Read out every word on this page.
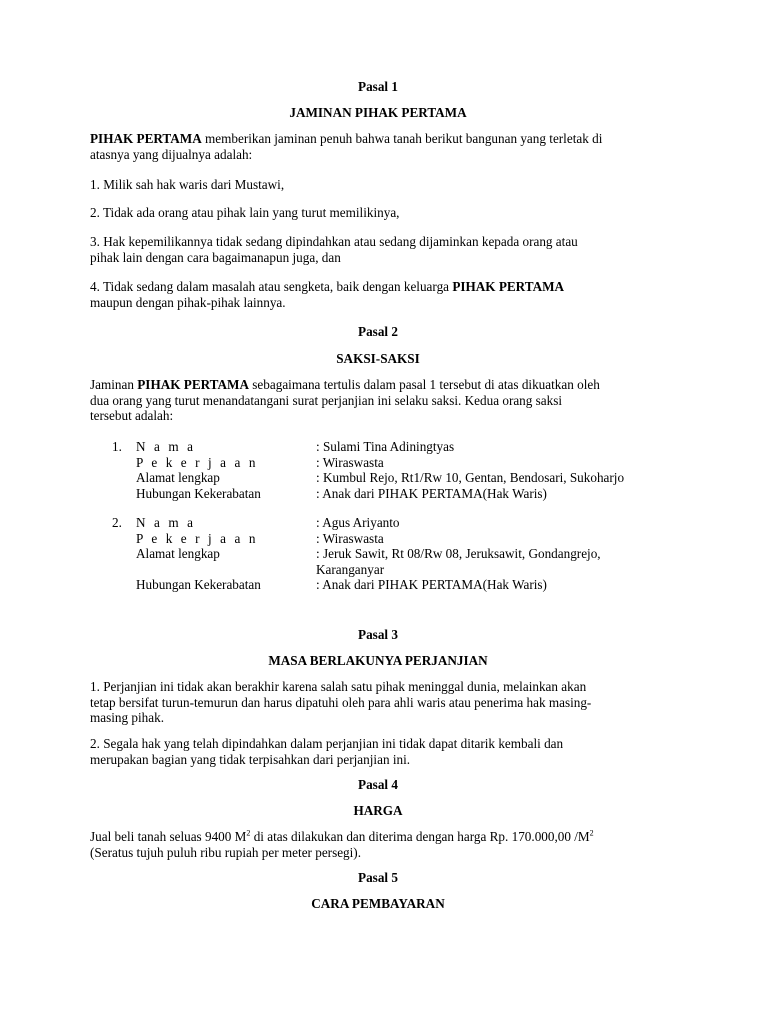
Pasal 1
JAMINAN PIHAK PERTAMA
PIHAK PERTAMA memberikan jaminan penuh bahwa tanah berikut bangunan yang terletak di
atasnya yang dijualnya adalah:
1. Milik sah hak waris dari Mustawi,
2. Tidak ada orang atau pihak lain yang turut memilikinya,
3. Hak kepemilikannya tidak sedang dipindahkan atau sedang dijaminkan kepada orang atau
pihak lain dengan cara bagaimanapun juga, dan
4. Tidak sedang dalam masalah atau sengketa, baik dengan keluarga PIHAK PERTAMA
maupun dengan pihak-pihak lainnya.
Pasal 2
SAKSI-SAKSI
Jaminan PIHAK PERTAMA sebagaimana tertulis dalam pasal 1 tersebut di atas dikuatkan oleh
dua orang yang turut menandatangani surat perjanjian ini selaku saksi. Kedua orang saksi
tersebut adalah:
1.	N a m a	: Sulami Tina Adiningtyas
P e k e r j a a n	: Wiraswasta
Alamat lengkap	: Kumbul Rejo, Rt1/Rw 10, Gentan, Bendosari, Sukoharjo
Hubungan Kekerabatan	: Anak dari PIHAK PERTAMA(Hak Waris)
2.	N a m a	: Agus Ariyanto
P e k e r j a a n	: Wiraswasta
Alamat lengkap	: Jeruk Sawit, Rt 08/Rw 08, Jeruksawit, Gondangrejo,
Karanganyar
Hubungan Kekerabatan	: Anak dari PIHAK PERTAMA(Hak Waris)
Pasal 3
MASA BERLAKUNYA PERJANJIAN
1. Perjanjian ini tidak akan berakhir karena salah satu pihak meninggal dunia, melainkan akan
tetap bersifat turun-temurun dan harus dipatuhi oleh para ahli waris atau penerima hak masing-
masing pihak.
2. Segala hak yang telah dipindahkan dalam perjanjian ini tidak dapat ditarik kembali dan
merupakan bagian yang tidak terpisahkan dari perjanjian ini.
Pasal 4
HARGA
Jual beli tanah seluas 9400 $M^2$ di atas dilakukan dan diterima dengan harga Rp. 170.000,00 $/M^2$
(Seratus tujuh puluh ribu rupiah per meter persegi).
Pasal 5
CARA PEMBAYARAN
